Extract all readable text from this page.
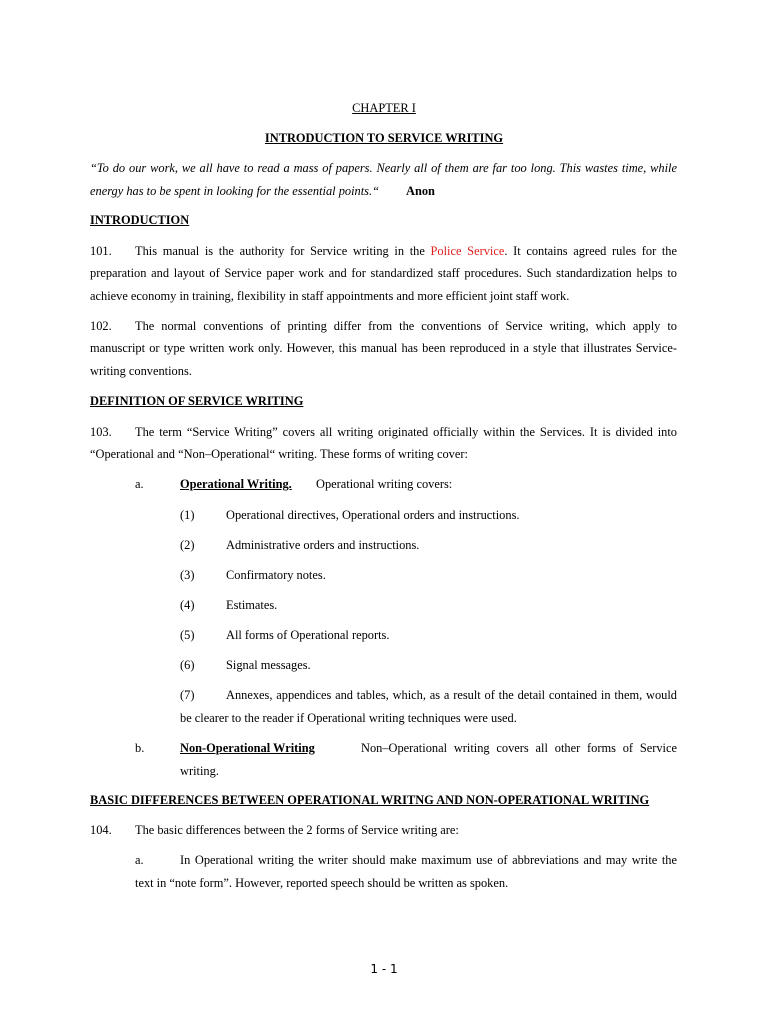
CHAPTER I
INTRODUCTION TO SERVICE WRITING
“To do our work, we all have to read a mass of papers. Nearly all of them are far too long. This wastes time, while
energy has to be spent in looking for the essential points.“ Anon
INTRODUCTION
101. This manual is the authority for Service writing in the Police Service. It contains agreed rules for the
preparation and layout of Service paper work and for standardized staff procedures. Such standardization helps to
achieve economy in training, flexibility in staff appointments and more efficient joint staff work.
102. The normal conventions of printing differ from the conventions of Service writing, which apply to
manuscript or type written work only. However, this manual has been reproduced in a style that illustrates Service-
writing conventions.
DEFINITION OF SERVICE WRITING
103. The term “Service Writing” covers all writing originated officially within the Services. It is divided into
“Operational and “Non–Operational“ writing. These forms of writing cover:
a.	Operational Writing. Operational writing covers:
(1)	Operational directives, Operational orders and instructions.
(2)	Administrative orders and instructions.
(3)	Confirmatory notes.
(4)	Estimates.
(5)	All forms of Operational reports.
(6)	Signal messages.
(7)	Annexes, appendices and tables, which, as a result of the detail contained in them, would
be clearer to the reader if Operational writing techniques were used.
b.	Non-Operational Writing	Non–Operational writing covers all other forms of Service
writing.
BASIC DIFFERENCES BETWEEN OPERATIONAL WRITNG AND NON-OPERATIONAL WRITING
104. The basic differences between the 2 forms of Service writing are:
a.	In Operational writing the writer should make maximum use of abbreviations and may write the
text in “note form”. However, reported speech should be written as spoken.
1 - 1
